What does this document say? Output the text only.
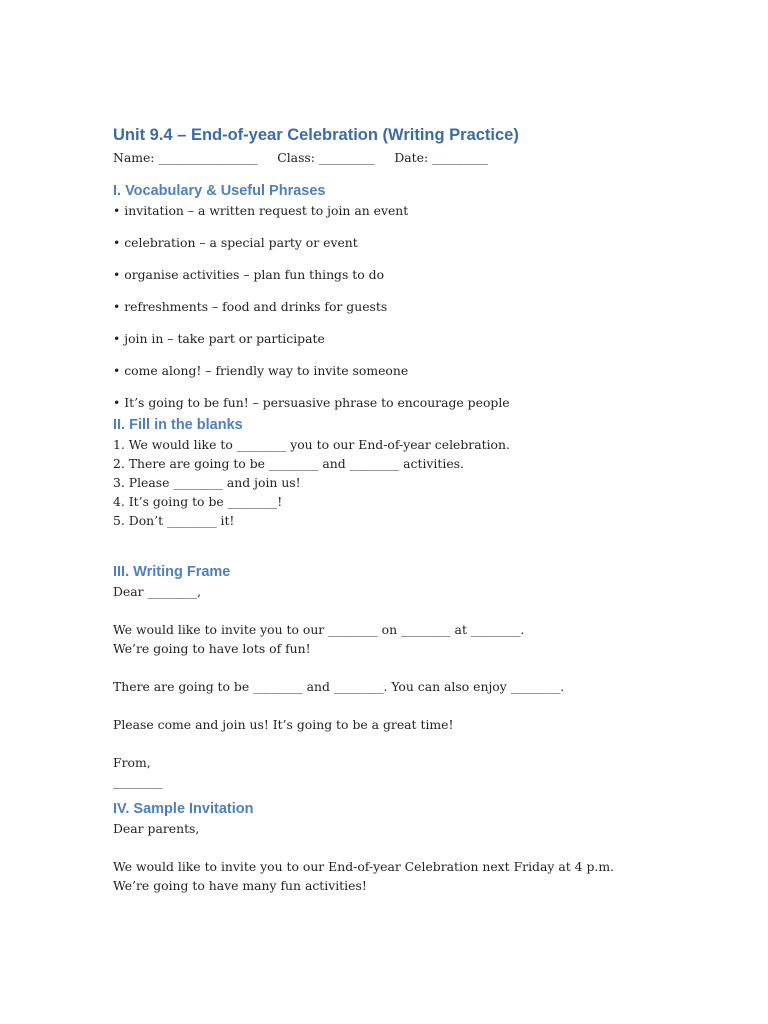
Unit 9.4 – End-of-year Celebration (Writing Practice)

Name: ________________     Class: _________     Date: _________

I. Vocabulary & Useful Phrases

• invitation – a written request to join an event

• celebration – a special party or event

• organise activities – plan fun things to do

• refreshments – food and drinks for guests

• join in – take part or participate

• come along! – friendly way to invite someone

• It’s going to be fun! – persuasive phrase to encourage people

II. Fill in the blanks

1. We would like to ________ you to our End-of-year celebration.

2. There are going to be ________ and ________ activities.

3. Please ________ and join us!

4. It’s going to be ________!

5. Don’t ________ it!

III. Writing Frame

Dear ________,

We would like to invite you to our ________ on ________ at ________.

We’re going to have lots of fun!

There are going to be ________ and ________. You can also enjoy ________.

Please come and join us! It’s going to be a great time!

From,

________

IV. Sample Invitation

Dear parents,

We would like to invite you to our End-of-year Celebration next Friday at 4 p.m.

We’re going to have many fun activities!
